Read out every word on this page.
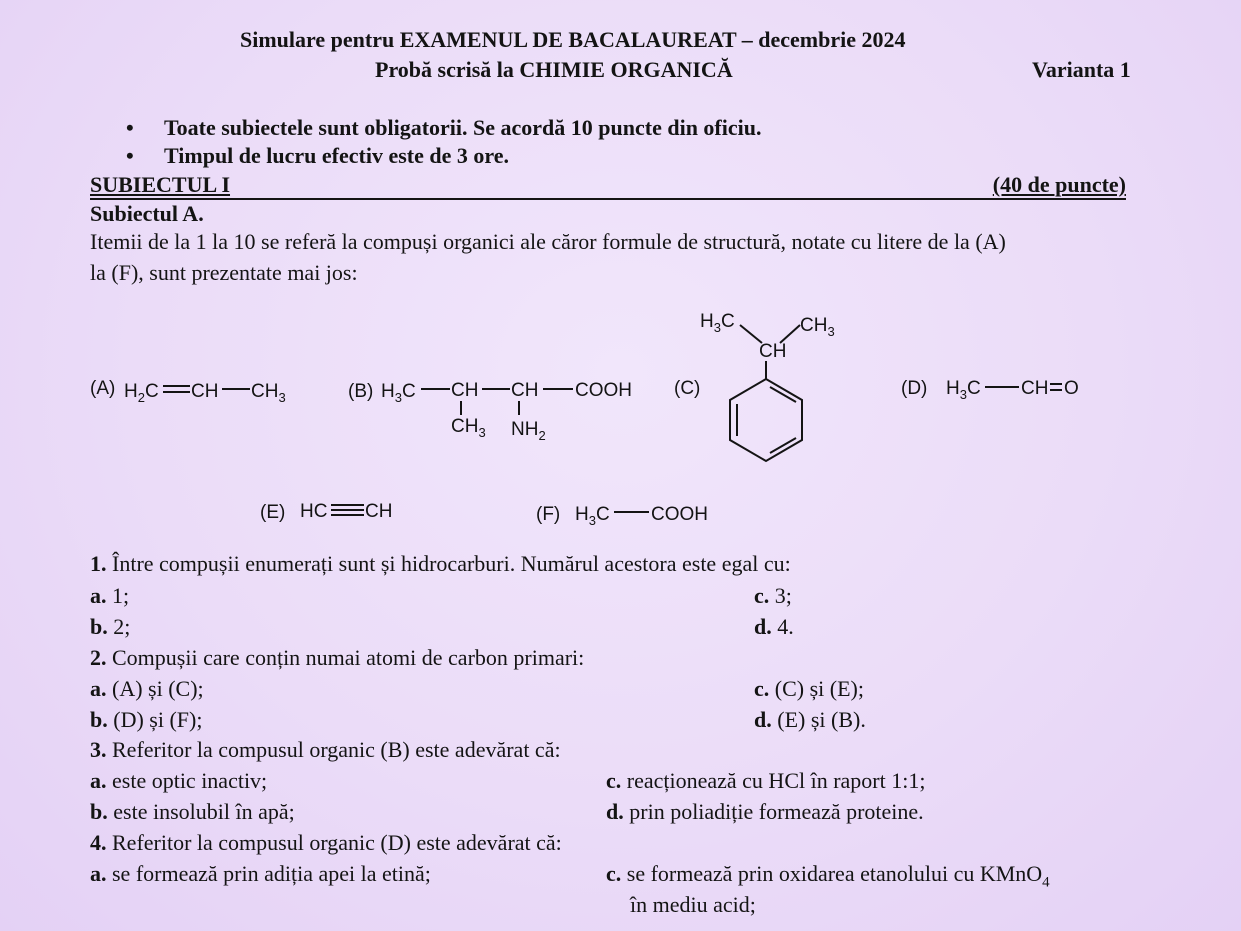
Simulare pentru EXAMENUL DE BACALAUREAT – decembrie 2024
Probă scrisă la CHIMIE ORGANICĂ	Varianta 1
• Toate subiectele sunt obligatorii. Se acordă 10 puncte din oficiu.
• Timpul de lucru efectiv este de 3 ore.
SUBIECTUL I	(40 de puncte)
Subiectul A.
Itemii de la 1 la 10 se referă la compuși organici ale căror formule de structură, notate cu litere de la (A)
la (F), sunt prezentate mai jos:
(A) $H_2C$ CH $CH_3$	(B) $H_3C$ CH CH COOH
$CH_3$ $NH_2$
(C)
$H_3C$	$CH_3$
CH
(D) $H_3C$ CH O
(E) HC CH	(F) $H_3C$ COOH
1. Între compușii enumerați sunt și hidrocarburi. Numărul acestora este egal cu:
a. 1;
b. 2;
c. 3;
d. 4.
2. Compușii care conțin numai atomi de carbon primari:
a. (A) și (C);
b. (D) și (F);
c. (C) și (E);
d. (E) și (B).
3. Referitor la compusul organic (B) este adevărat că:
a. este optic inactiv;
b. este insolubil în apă;
c. reacționează cu HCl în raport 1:1;
d. prin poliadiție formează proteine.
4. Referitor la compusul organic (D) este adevărat că:
a. se formează prin adiția apei la etină;	c. se formează prin oxidarea etanolului cu KMnO$_4$
în mediu acid;
